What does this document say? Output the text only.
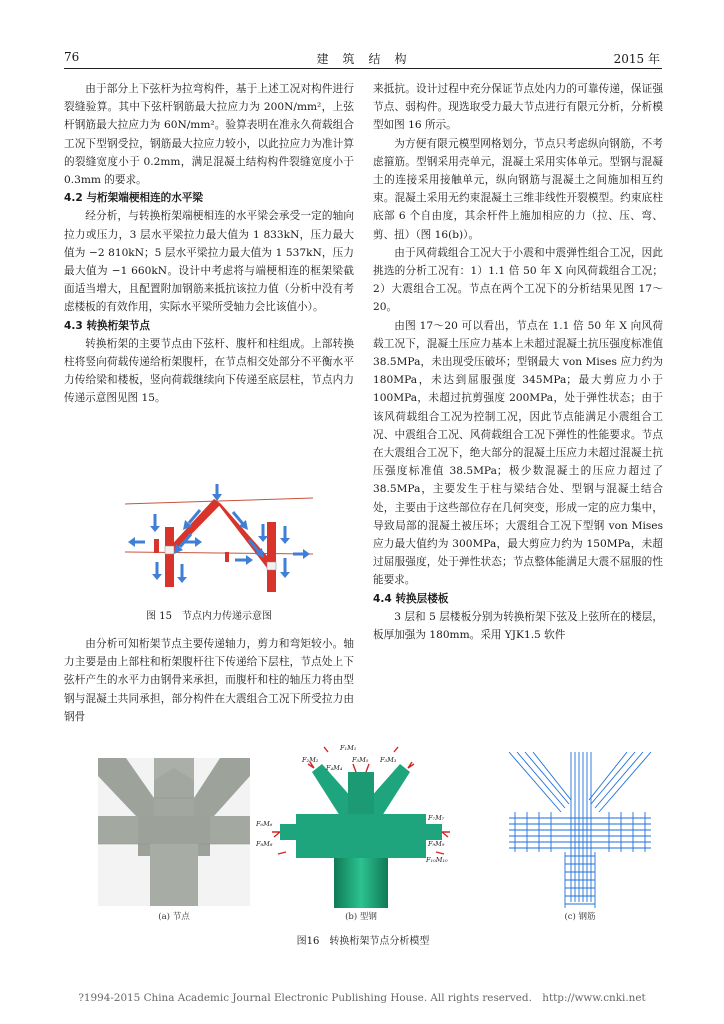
76	建　筑　结　构	2015 年

由于部分上下弦杆为拉弯构件，基于上述工况对构件进行裂缝验算。其中下弦杆钢筋最大拉应力为 200N/mm²，上弦杆钢筋最大拉应力为 60N/mm²。验算表明在准永久荷载组合工况下型钢受拉，钢筋最大拉应力较小，以此拉应力为准计算的裂缝宽度小于 0.2mm，满足混凝土结构构件裂缝宽度小于 0.3mm 的要求。

4.2 与桁架端梗相连的水平梁

经分析，与转换桁架端梗相连的水平梁会承受一定的轴向拉力或压力，3 层水平梁拉力最大值为 1 833kN，压力最大值为 −2 810kN；5 层水平梁拉力最大值为 1 537kN，压力最大值为 −1 660kN。设计中考虑将与端梗相连的框架梁截面适当增大，且配置附加钢筋来抵抗该拉力值（分析中没有考虑楼板的有效作用，实际水平梁所受轴力会比该值小）。

4.3 转换桁架节点

转换桁架的主要节点由下弦杆、腹杆和柱组成。上部转换柱将竖向荷载传递给桁架腹杆，在节点相交处部分不平衡水平力传给梁和楼板，竖向荷载继续向下传递至底层柱，节点内力传递示意图见图 15。

图 15　节点内力传递示意图

由分析可知桁架节点主要传递轴力，剪力和弯矩较小。轴力主要是由上部柱和桁架腹杆往下传递给下层柱，节点处上下弦杆产生的水平力由钢骨来承担，而腹杆和柱的轴压力将由型钢与混凝土共同承担，部分构件在大震组合工况下所受拉力由钢骨

来抵抗。设计过程中充分保证节点处内力的可靠传递，保证强节点、弱构件。现选取受力最大节点进行有限元分析，分析模型如图 16 所示。

为方便有限元模型网格划分，节点只考虑纵向钢筋，不考虑箍筋。型钢采用壳单元，混凝土采用实体单元。型钢与混凝土的连接采用接触单元，纵向钢筋与混凝土之间施加相互约束。混凝土采用无约束混凝土三维非线性开裂模型。约束底柱底部 6 个自由度，其余杆件上施加相应的力（拉、压、弯、剪、扭）（图 16(b)）。

由于风荷载组合工况大于小震和中震弹性组合工况，因此挑选的分析工况有：1）1.1 倍 50 年 X 向风荷载组合工况；2）大震组合工况。节点在两个工况下的分析结果见图 17～20。

由图 17～20 可以看出，节点在 1.1 倍 50 年 X 向风荷载工况下，混凝土压应力基本上未超过混凝土抗压强度标准值 38.5MPa，未出现受压破坏；型钢最大 von Mises 应力约为 180MPa，未达到屈服强度 345MPa；最大剪应力小于 100MPa，未超过抗剪强度 200MPa，处于弹性状态；由于该风荷载组合工况为控制工况，因此节点能满足小震组合工况、中震组合工况、风荷载组合工况下弹性的性能要求。节点在大震组合工况下，绝大部分的混凝土压应力未超过混凝土抗压强度标准值 38.5MPa；极少数混凝土的压应力超过了 38.5MPa，主要发生于柱与梁结合处、型钢与混凝土结合处，主要由于这些部位存在几何突变，形成一定的应力集中，导致局部的混凝土被压坏；大震组合工况下型钢 von Mises 应力最大值约为 300MPa，最大剪应力约为 150MPa，未超过屈服强度，处于弹性状态；节点整体能满足大震不屈服的性能要求。

4.4 转换层楼板

3 层和 5 层楼板分别为转换桁架下弦及上弦所在的楼层，板厚加强为 180mm。采用 YJK1.5 软件

(a) 节点
F₁M₁
F₂M₂	F₃M₃
F₄M₄
F₅M₅
F₆M₆
F₇M₇
F₈M₈	F₉M₉
F₁₀M₁₀
(b) 型钢	(c) 钢筋
图16　转换桁架节点分析模型
?1994-2015 China Academic Journal Electronic Publishing House. All rights reserved.　http://www.cnki.net
